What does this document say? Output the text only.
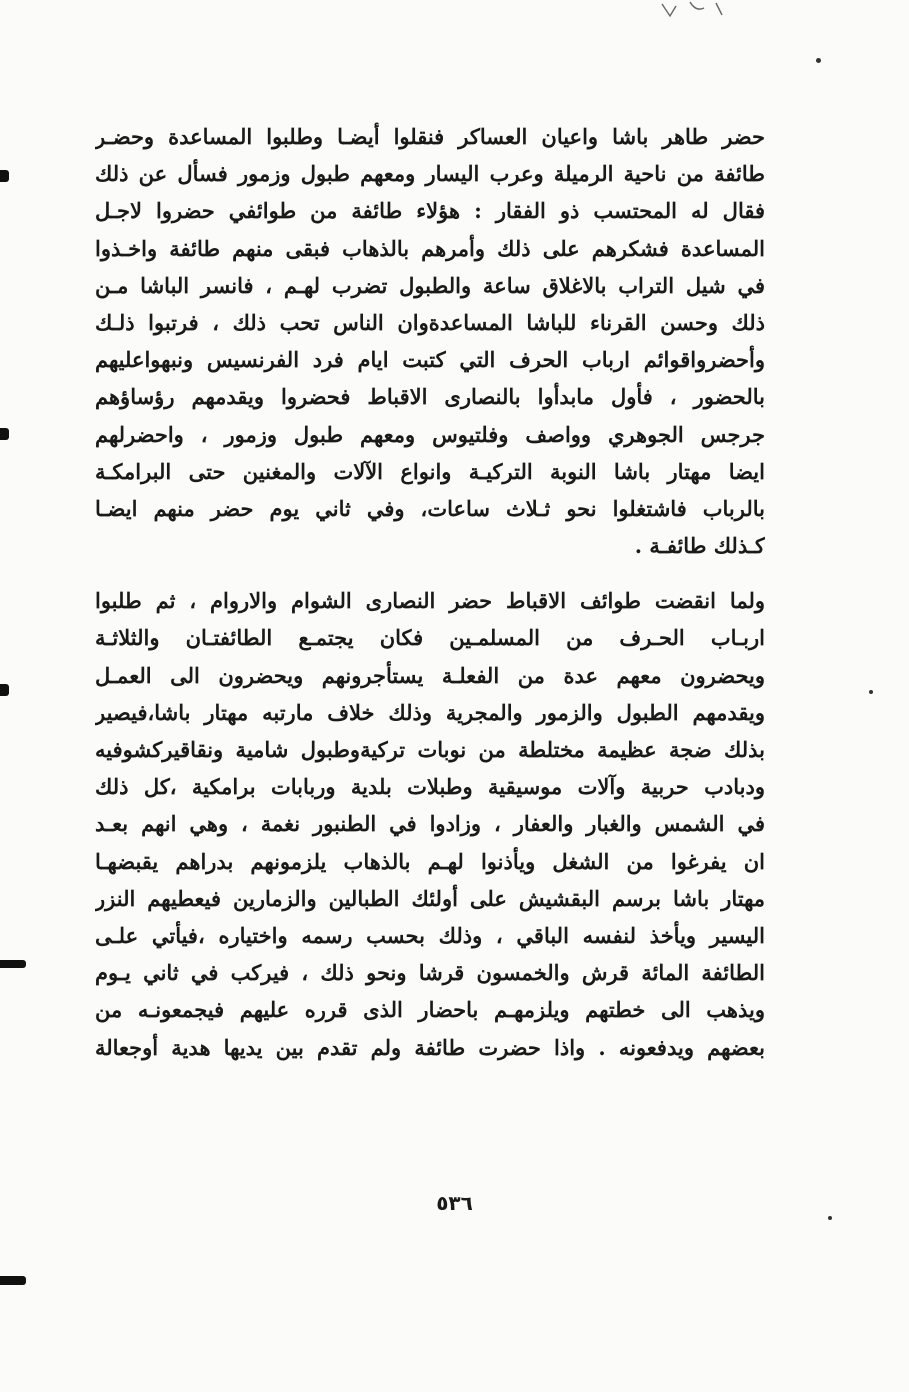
حضر طاهر باشا واعيان العساكر فنقلوا أيضـا وطلبوا المساعدة وحضـر
طائفة من ناحية الرميلة وعرب اليسار ومعهم طبول وزمور فسأل عن ذلك
فقال له المحتسب ذو الفقار : هؤلاء طائفة من طوائفي حضروا لاجـل
المساعدة فشكرهم على ذلك وأمرهم بالذهاب فبقى منهم طائفة واخـذوا
في شيل التراب بالاغلاق ساعة والطبول تضرب لهـم ، فانسر الباشا مـن
ذلك وحسن القرناء للباشا المساعدةوان الناس تحب ذلك ، فرتبوا ذلـك
وأحضرواقوائم ارباب الحرف التي كتبت ايام فرد الفرنسيس ونبهواعليهم
بالحضور ، فأول مابدأوا بالنصارى الاقباط فحضروا ويقدمهم رؤساؤهم
جرجس الجوهري وواصف وفلتيوس ومعهم طبول وزمور ، واحضرلهم
ايضا مهتار باشا النوبة التركيـة وانواع الآلات والمغنين حتى البرامكـة
بالرباب فاشتغلوا نحو ثـلاث ساعات، وفي ثاني يوم حضر منهم ايضـا
كـذلك طائفـة .
ولما انقضت طوائف الاقباط حضر النصارى الشوام والاروام ، ثم طلبوا
اربـاب الحـرف من المسلمـين فكان يجتمـع الطائفتـان والثلاثـة
ويحضرون معهم عدة من الفعلـة يستأجرونهم ويحضرون الى العمـل
ويقدمهم الطبول والزمور والمجرية وذلك خلاف مارتبه مهتار باشا،فيصير
بذلك ضجة عظيمة مختلطة من نوبات تركيةوطبول شامية ونقاقيركشوفيه
ودبادب حربية وآلات موسيقية وطبلات بلدية وربابات برامكية ،كل ذلك
في الشمس والغبار والعفار ، وزادوا في الطنبور نغمة ، وهي انهم بعـد
ان يفرغوا من الشغل ويأذنوا لهـم بالذهاب يلزمونهم بدراهم يقبضهـا
مهتار باشا برسم البقشيش على أولئك الطبالين والزمارين فيعطيهم النزر
اليسير ويأخذ لنفسه الباقي ، وذلك بحسب رسمه واختياره ،فيأتي علـى
الطائفة المائة قرش والخمسون قرشا ونحو ذلك ، فيركب في ثاني يـوم
ويذهب الى خطتهم ويلزمهـم باحضار الذى قرره عليهم فيجمعونـه من
بعضهم ويدفعونه . واذا حضرت طائفة ولم تقدم بين يديها هدية أوجعالة
٥٣٦
